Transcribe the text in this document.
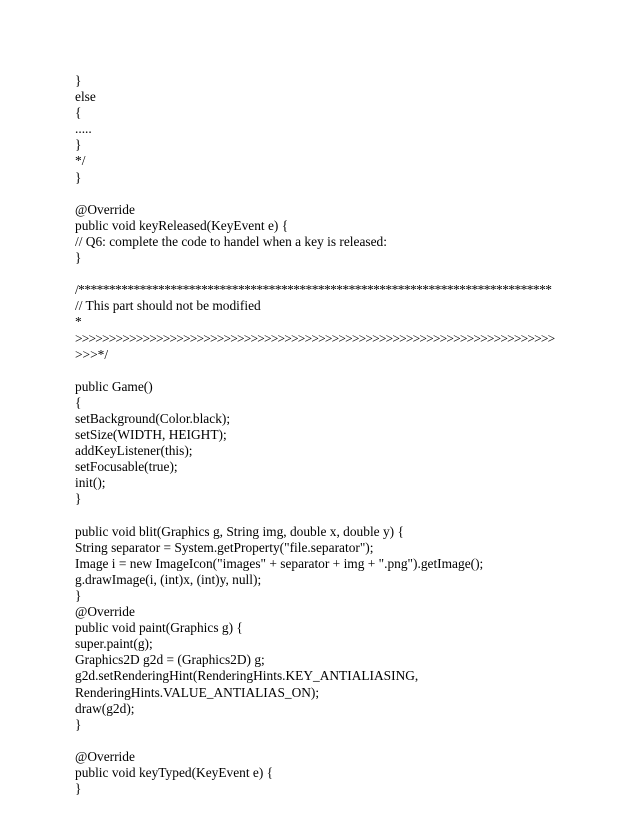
}
else
{
.....
}
*/
}
@Override
public void keyReleased(KeyEvent e) {
// Q6: complete the code to handel when a key is released:
}
/*****************************************************************************
// This part should not be modified
*
>>>>>>>>>>>>>>>>>>>>>>>>>>>>>>>>>>>>>>>>>>>>>>>>>>>>>>>>>>>>>>>>>>>>>>>
>>>*/
public Game()
{
setBackground(Color.black);
setSize(WIDTH, HEIGHT);
addKeyListener(this);
setFocusable(true);
init();
}
public void blit(Graphics g, String img, double x, double y) {
String separator = System.getProperty("file.separator");
Image i = new ImageIcon("images" + separator + img + ".png").getImage();
g.drawImage(i, (int)x, (int)y, null);
}
@Override
public void paint(Graphics g) {
super.paint(g);
Graphics2D g2d = (Graphics2D) g;
g2d.setRenderingHint(RenderingHints.KEY_ANTIALIASING,
RenderingHints.VALUE_ANTIALIAS_ON);
draw(g2d);
}
@Override
public void keyTyped(KeyEvent e) {
}
